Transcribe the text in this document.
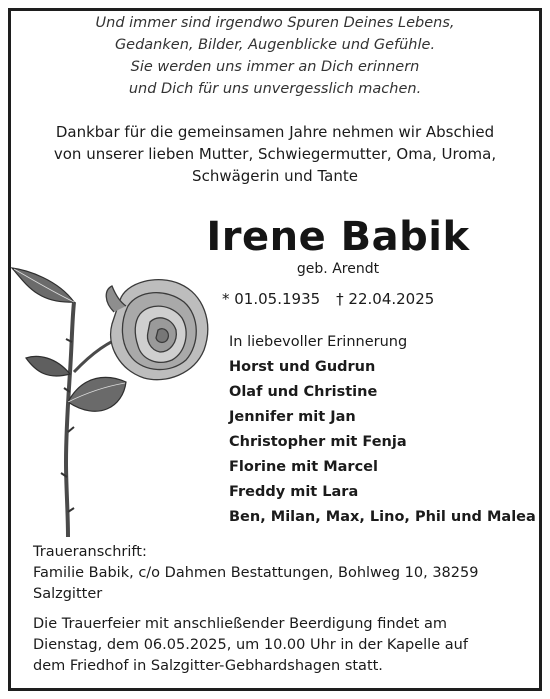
Und immer sind irgendwo Spuren Deines Lebens,
Gedanken, Bilder, Augenblicke und Gefühle.
Sie werden uns immer an Dich erinnern
und Dich für uns unvergesslich machen.
Dankbar für die gemeinsamen Jahre nehmen wir Abschied
von unserer lieben Mutter, Schwiegermutter, Oma, Uroma,
Schwägerin und Tante
Irene Babik
geb. Arendt
* 01.05.1935 † 22.04.2025
In liebevoller Erinnerung
Horst und Gudrun
Olaf und Christine
Jennifer mit Jan
Christopher mit Fenja
Florine mit Marcel
Freddy mit Lara
Ben, Milan, Max, Lino, Phil und Malea
Traueranschrift:
Familie Babik, c/o Dahmen Bestattungen, Bohlweg 10, 38259
Salzgitter
Die Trauerfeier mit anschließender Beerdigung findet am
Dienstag, dem 06.05.2025, um 10.00 Uhr in der Kapelle auf
dem Friedhof in Salzgitter-Gebhardshagen statt.
